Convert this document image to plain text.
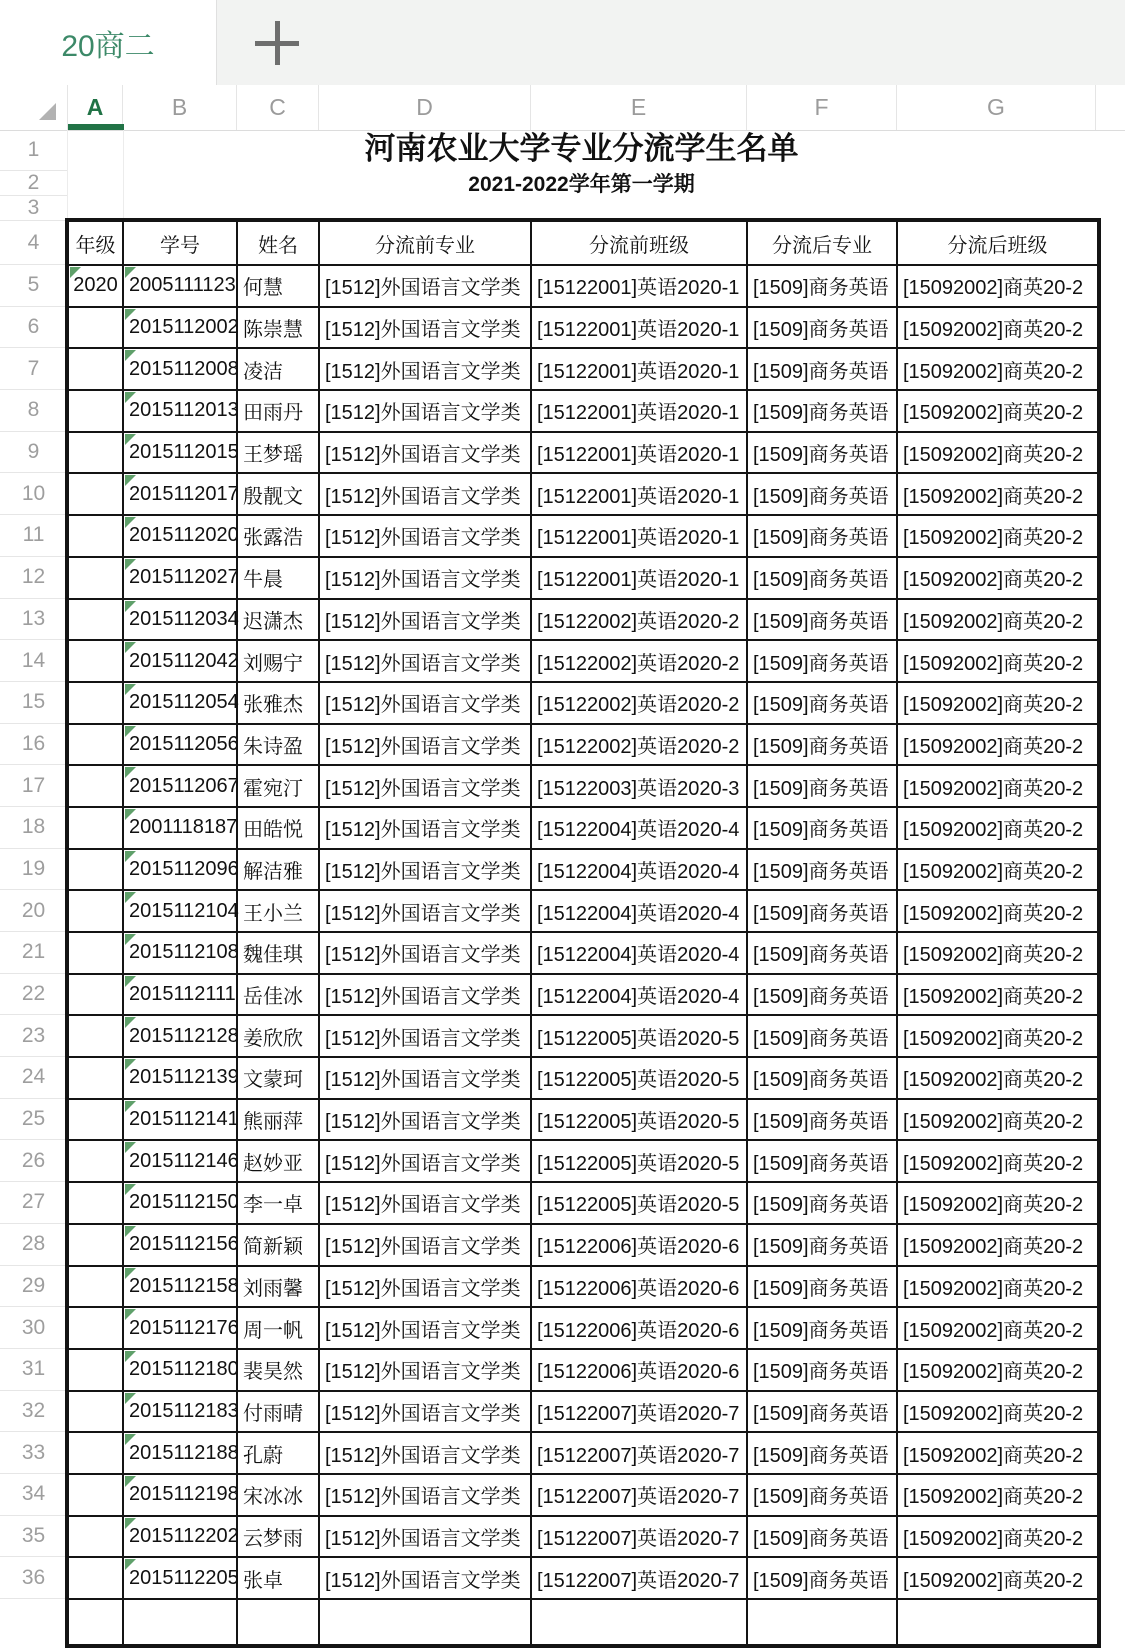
20商二
A	B	C	D	E	F	G
1
2
3
4
5
6
7
8
9
10
11
12
13
14
15
16
17
18
19
20
21
22
23
24
25
26
27
28
29
30
31
32
33
34
35
36
河南农业大学专业分流学生名单
2021-2022学年第一学期
年级	学号	姓名	分流前专业	分流前班级	分流后专业	分流后班级
2020 2005111123 何慧 [1512]外国语言文学类 [15122001]英语2020-1 [1509]商务英语 [15092002]商英20-2
2015112002 陈崇慧 [1512]外国语言文学类 [15122001]英语2020-1 [1509]商务英语 [15092002]商英20-2
2015112008 凌洁 [1512]外国语言文学类 [15122001]英语2020-1 [1509]商务英语 [15092002]商英20-2
2015112013 田雨丹 [1512]外国语言文学类 [15122001]英语2020-1 [1509]商务英语 [15092002]商英20-2
2015112015 王梦瑶 [1512]外国语言文学类 [15122001]英语2020-1 [1509]商务英语 [15092002]商英20-2
2015112017 殷靓文 [1512]外国语言文学类 [15122001]英语2020-1 [1509]商务英语 [15092002]商英20-2
2015112020 张露浩 [1512]外国语言文学类 [15122001]英语2020-1 [1509]商务英语 [15092002]商英20-2
2015112027 牛晨 [1512]外国语言文学类 [15122001]英语2020-1 [1509]商务英语 [15092002]商英20-2
2015112034 迟潇杰 [1512]外国语言文学类 [15122002]英语2020-2 [1509]商务英语 [15092002]商英20-2
2015112042 刘赐宁 [1512]外国语言文学类 [15122002]英语2020-2 [1509]商务英语 [15092002]商英20-2
2015112054 张雅杰 [1512]外国语言文学类 [15122002]英语2020-2 [1509]商务英语 [15092002]商英20-2
2015112056 朱诗盈 [1512]外国语言文学类 [15122002]英语2020-2 [1509]商务英语 [15092002]商英20-2
2015112067 霍宛汀 [1512]外国语言文学类 [15122003]英语2020-3 [1509]商务英语 [15092002]商英20-2
2001118187 田皓悦 [1512]外国语言文学类 [15122004]英语2020-4 [1509]商务英语 [15092002]商英20-2
2015112096 解洁雅 [1512]外国语言文学类 [15122004]英语2020-4 [1509]商务英语 [15092002]商英20-2
2015112104 王小兰 [1512]外国语言文学类 [15122004]英语2020-4 [1509]商务英语 [15092002]商英20-2
2015112108 魏佳琪 [1512]外国语言文学类 [15122004]英语2020-4 [1509]商务英语 [15092002]商英20-2
2015112111 岳佳冰 [1512]外国语言文学类 [15122004]英语2020-4 [1509]商务英语 [15092002]商英20-2
2015112128 姜欣欣 [1512]外国语言文学类 [15122005]英语2020-5 [1509]商务英语 [15092002]商英20-2
2015112139 文蒙珂 [1512]外国语言文学类 [15122005]英语2020-5 [1509]商务英语 [15092002]商英20-2
2015112141 熊丽萍 [1512]外国语言文学类 [15122005]英语2020-5 [1509]商务英语 [15092002]商英20-2
2015112146 赵妙亚 [1512]外国语言文学类 [15122005]英语2020-5 [1509]商务英语 [15092002]商英20-2
2015112150 李一卓 [1512]外国语言文学类 [15122005]英语2020-5 [1509]商务英语 [15092002]商英20-2
2015112156 简新颖 [1512]外国语言文学类 [15122006]英语2020-6 [1509]商务英语 [15092002]商英20-2
2015112158 刘雨馨 [1512]外国语言文学类 [15122006]英语2020-6 [1509]商务英语 [15092002]商英20-2
2015112176 周一帆 [1512]外国语言文学类 [15122006]英语2020-6 [1509]商务英语 [15092002]商英20-2
2015112180 裴昊然 [1512]外国语言文学类 [15122006]英语2020-6 [1509]商务英语 [15092002]商英20-2
2015112183 付雨晴 [1512]外国语言文学类 [15122007]英语2020-7 [1509]商务英语 [15092002]商英20-2
2015112188 孔蔚 [1512]外国语言文学类 [15122007]英语2020-7 [1509]商务英语 [15092002]商英20-2
2015112198 宋冰冰 [1512]外国语言文学类 [15122007]英语2020-7 [1509]商务英语 [15092002]商英20-2
2015112202 云梦雨 [1512]外国语言文学类 [15122007]英语2020-7 [1509]商务英语 [15092002]商英20-2
2015112205 张卓 [1512]外国语言文学类 [15122007]英语2020-7 [1509]商务英语 [15092002]商英20-2
